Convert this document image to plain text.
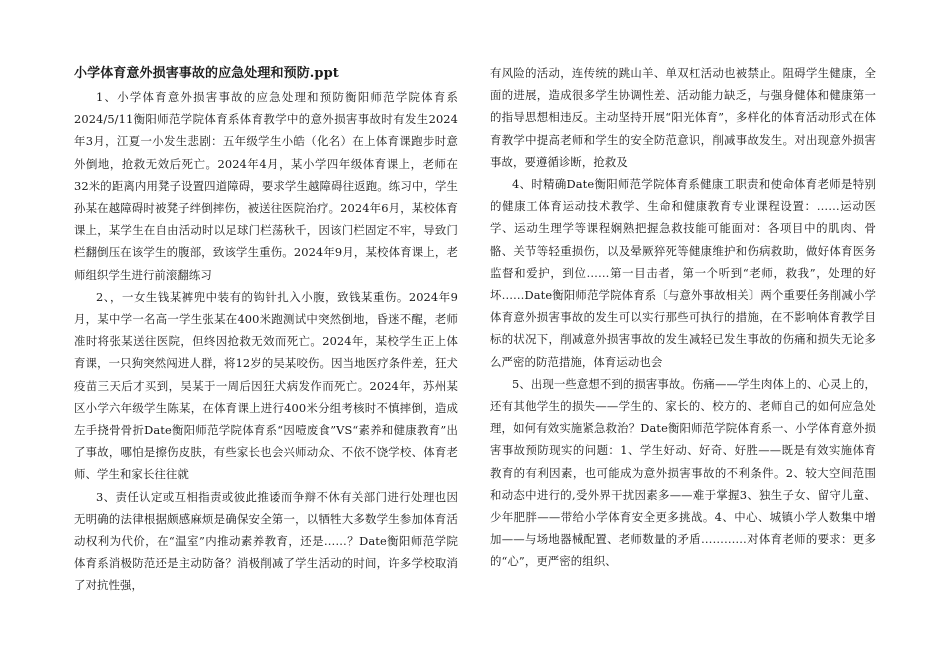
小学体育意外损害事故的应急处理和预防.ppt

1、小学体育意外损害事故的应急处理和预防衡阳师范学院体育系2024/5/11衡阳师范学院体育系体育教学中的意外损害事故时有发生2024年3月，江夏一小发生悲剧：五年级学生小皓（化名）在上体育课跑步时意外倒地，抢救无效后死亡。2024年4月，某小学四年级体育课上，老师在32米的距离内用凳子设置四道障碍，要求学生越障碍往返跑。练习中，学生孙某在越障碍时被凳子绊倒摔伤，被送往医院治疗。2024年6月，某校体育课上，某学生在自由活动时以足球门栏荡秋千，因该门栏固定不牢，导致门栏翻倒压在该学生的腹部，致该学生重伤。2024年9月，某校体育课上，老师组织学生进行前滚翻练习

2、，一女生钱某裤兜中装有的钩针扎入小腹，致钱某重伤。2024年9月，某中学一名高一学生张某在400米跑测试中突然倒地，昏迷不醒，老师准时将张某送往医院，但终因抢救无效而死亡。2024年，某校学生正上体育课，一只狗突然闯进人群，将12岁的吴某咬伤。因当地医疗条件差，狂犬疫苗三天后才买到，吴某于一周后因狂犬病发作而死亡。2024年，苏州某区小学六年级学生陈某，在体育课上进行400米分组考核时不慎摔倒，造成左手挠骨骨折Date衡阳师范学院体育系“因噎废食”VS“素养和健康教育”出了事故，哪怕是擦伤皮肤，有些家长也会兴师动众、不依不饶学校、体育老师、学生和家长往往就

3、责任认定或互相指责或彼此推诿而争辩不休有关部门进行处理也因无明确的法律根据颇感麻烦是确保安全第一，以牺牲大多数学生参加体育活动权利为代价，在“温室”内推动素养教育，还是……？Date衡阳师范学院体育系消极防范还是主动防备？消极削减了学生活动的时间，许多学校取消了对抗性强，

有风险的活动，连传统的跳山羊、单双杠活动也被禁止。阻碍学生健康，全面的进展，造成很多学生协调性差、活动能力缺乏，与强身健体和健康第一的指导思想相违反。主动坚持开展“阳光体育”，多样化的体育活动形式在体育教学中提高老师和学生的安全防范意识，削减事故发生。对出现意外损害事故，要遵循诊断，抢救及

4、时精确Date衡阳师范学院体育系健康工职责和使命体育老师是特别的健康工体育运动技术教学、生命和健康教育专业课程设置：……运动医学、运动生理学等课程娴熟把握急救技能可能面对：各项目中的肌肉、骨骼、关节等轻重损伤，以及晕厥猝死等健康维护和伤病救助，做好体育医务监督和爱护，到位……第一目击者，第一个听到“老师，救我”，处理的好坏……Date衡阳师范学院体育系〔与意外事故相关〕两个重要任务削减小学体育意外损害事故的发生可以实行那些可执行的措施，在不影响体育教学目标的状况下，削减意外损害事故的发生减轻已发生事故的伤痛和损失无论多么严密的防范措施，体育运动也会

5、出现一些意想不到的损害事故。伤痛——学生肉体上的、心灵上的，还有其他学生的损失——学生的、家长的、校方的、老师自己的如何应急处理，如何有效实施紧急救治？Date衡阳师范学院体育系一、小学体育意外损害事故预防现实的问题：1、学生好动、好奇、好胜——既是有效实施体育教育的有利因素，也可能成为意外损害事故的不利条件。2、较大空间范围和动态中进行的,受外界干扰因素多——难于掌握3、独生子女、留守儿童、少年肥胖——带给小学体育安全更多挑战。4、中心、城镇小学人数集中增加——与场地器械配置、老师数量的矛盾…………对体育老师的要求：更多的“心”，更严密的组织、
